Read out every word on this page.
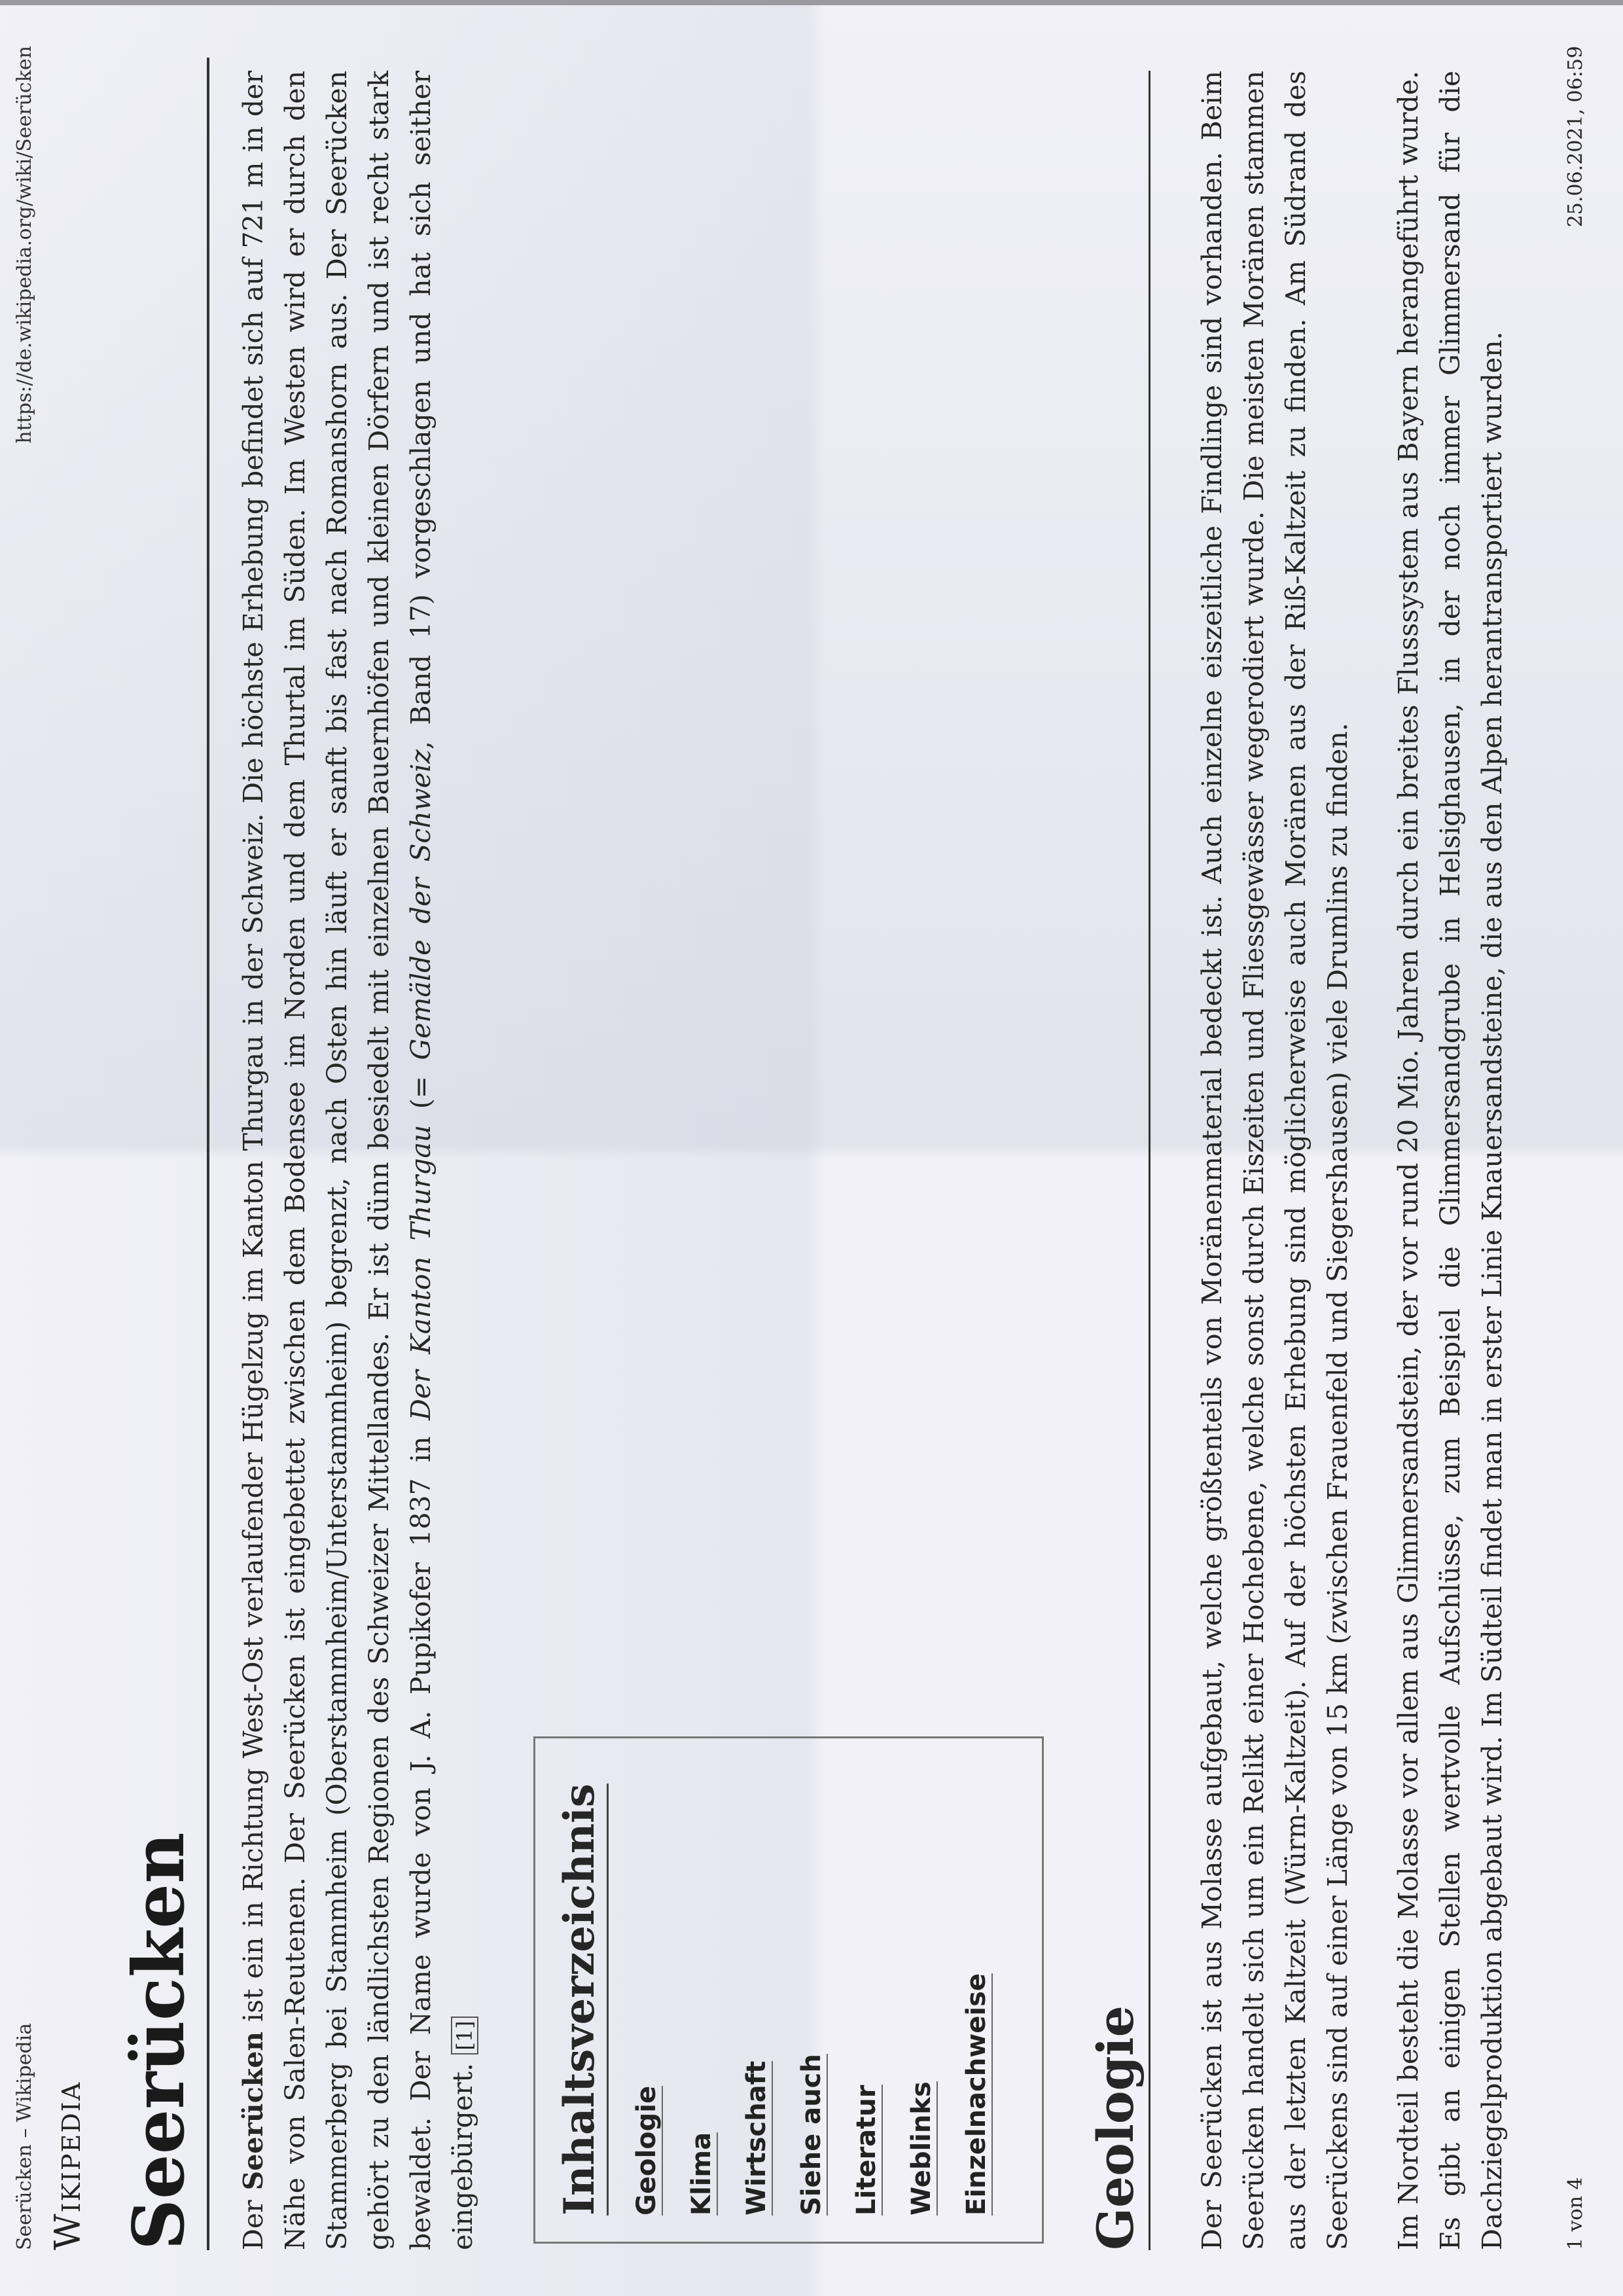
Seerücken – Wikipedia
https://de.wikipedia.org/wiki/Seerücken
Wikipedia Seerücken	Der Seerücken ist ein in Richtung West-Ost verlaufender Hügelzug im Kanton Thurgau in der Schweiz. Die höchste Erhebung befindet sich auf 721 m in der Nähe von Salen-Reutenen. Der Seerücken ist eingebettet zwischen dem Bodensee im Norden und dem Thurtal im Süden. Im Westen wird er durch den Stammerberg bei Stammheim (Oberstammheim/Unterstammheim) begrenzt, nach Osten hin läuft er sanft bis fast nach Romanshorn aus. Der Seerücken gehört zu den ländlichsten Regionen des Schweizer Mittellandes. Er ist dünn besiedelt mit einzelnen Bauernhöfen und kleinen Dörfern und ist recht stark bewaldet. Der Name wurde von J. A. Pupikofer 1837 in Der Kanton Thurgau (= Gemälde der Schweiz, Band 17) vorgeschlagen und hat sich seither eingebürgert. [1]	Inhaltsverzeichnis	Geologie Klima Wirtschaft Siehe auch Literatur Weblinks Einzelnachweise Geologie Der Seerücken ist aus Molasse aufgebaut, welche größtenteils von Moränenmaterial bedeckt ist. Auch einzelne eiszeitliche Findlinge sind vorhanden. Beim Seerücken handelt sich um ein Relikt einer Hochebene, welche sonst durch Eiszeiten und Fliessgewässer wegerodiert wurde. Die meisten Moränen stammen aus der letzten Kaltzeit (Würm-Kaltzeit). Auf der höchsten Erhebung sind möglicherweise auch Moränen aus der Riß-Kaltzeit zu finden. Am Südrand des Seerückens sind auf einer Länge von 15 km (zwischen Frauenfeld und Siegershausen) viele Drumlins zu finden. Im Nordteil besteht die Molasse vor allem aus Glimmersandstein, der vor rund 20 Mio. Jahren durch ein breites Flusssystem aus Bayern herangeführt wurde. Es gibt an einigen Stellen wertvolle Aufschlüsse, zum Beispiel die Glimmersandgrube in Helsighausen, in der noch immer Glimmersand für die Dachziegelproduktion abgebaut wird. Im Südteil findet man in erster Linie Knauersandsteine, die aus den Alpen herantransportiert wurden.	1 von 4
25.06.2021, 06:59
